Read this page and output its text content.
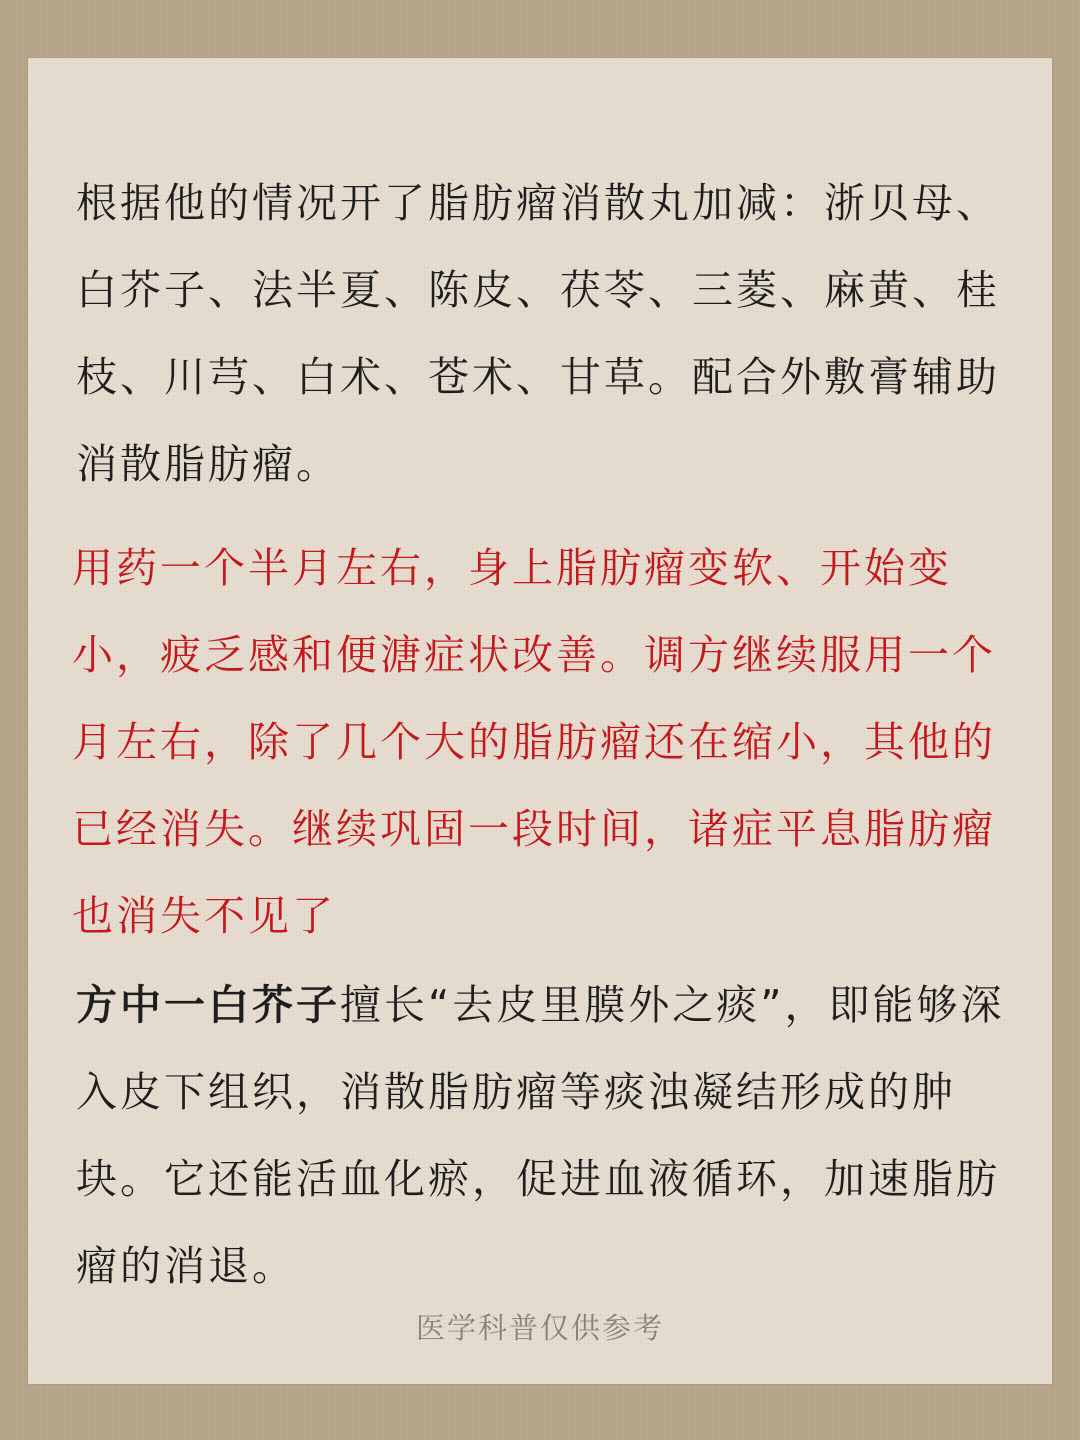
根据他的情况开了脂肪瘤消散丸加减：浙贝母、白芥子、法半夏、陈皮、茯苓、三菱、麻黄、桂枝、川芎、白术、苍术、甘草。配合外敷膏辅助消散脂肪瘤。

用药一个半月左右，身上脂肪瘤变软、开始变小，疲乏感和便溏症状改善。调方继续服用一个月左右，除了几个大的脂肪瘤还在缩小，其他的已经消失。继续巩固一段时间，诸症平息脂肪瘤也消失不见了

方中一白芥子擅长“去皮里膜外之痰”，即能够深入皮下组织，消散脂肪瘤等痰浊凝结形成的肿块。它还能活血化瘀，促进血液循环，加速脂肪瘤的消退。

医学科普仅供参考
